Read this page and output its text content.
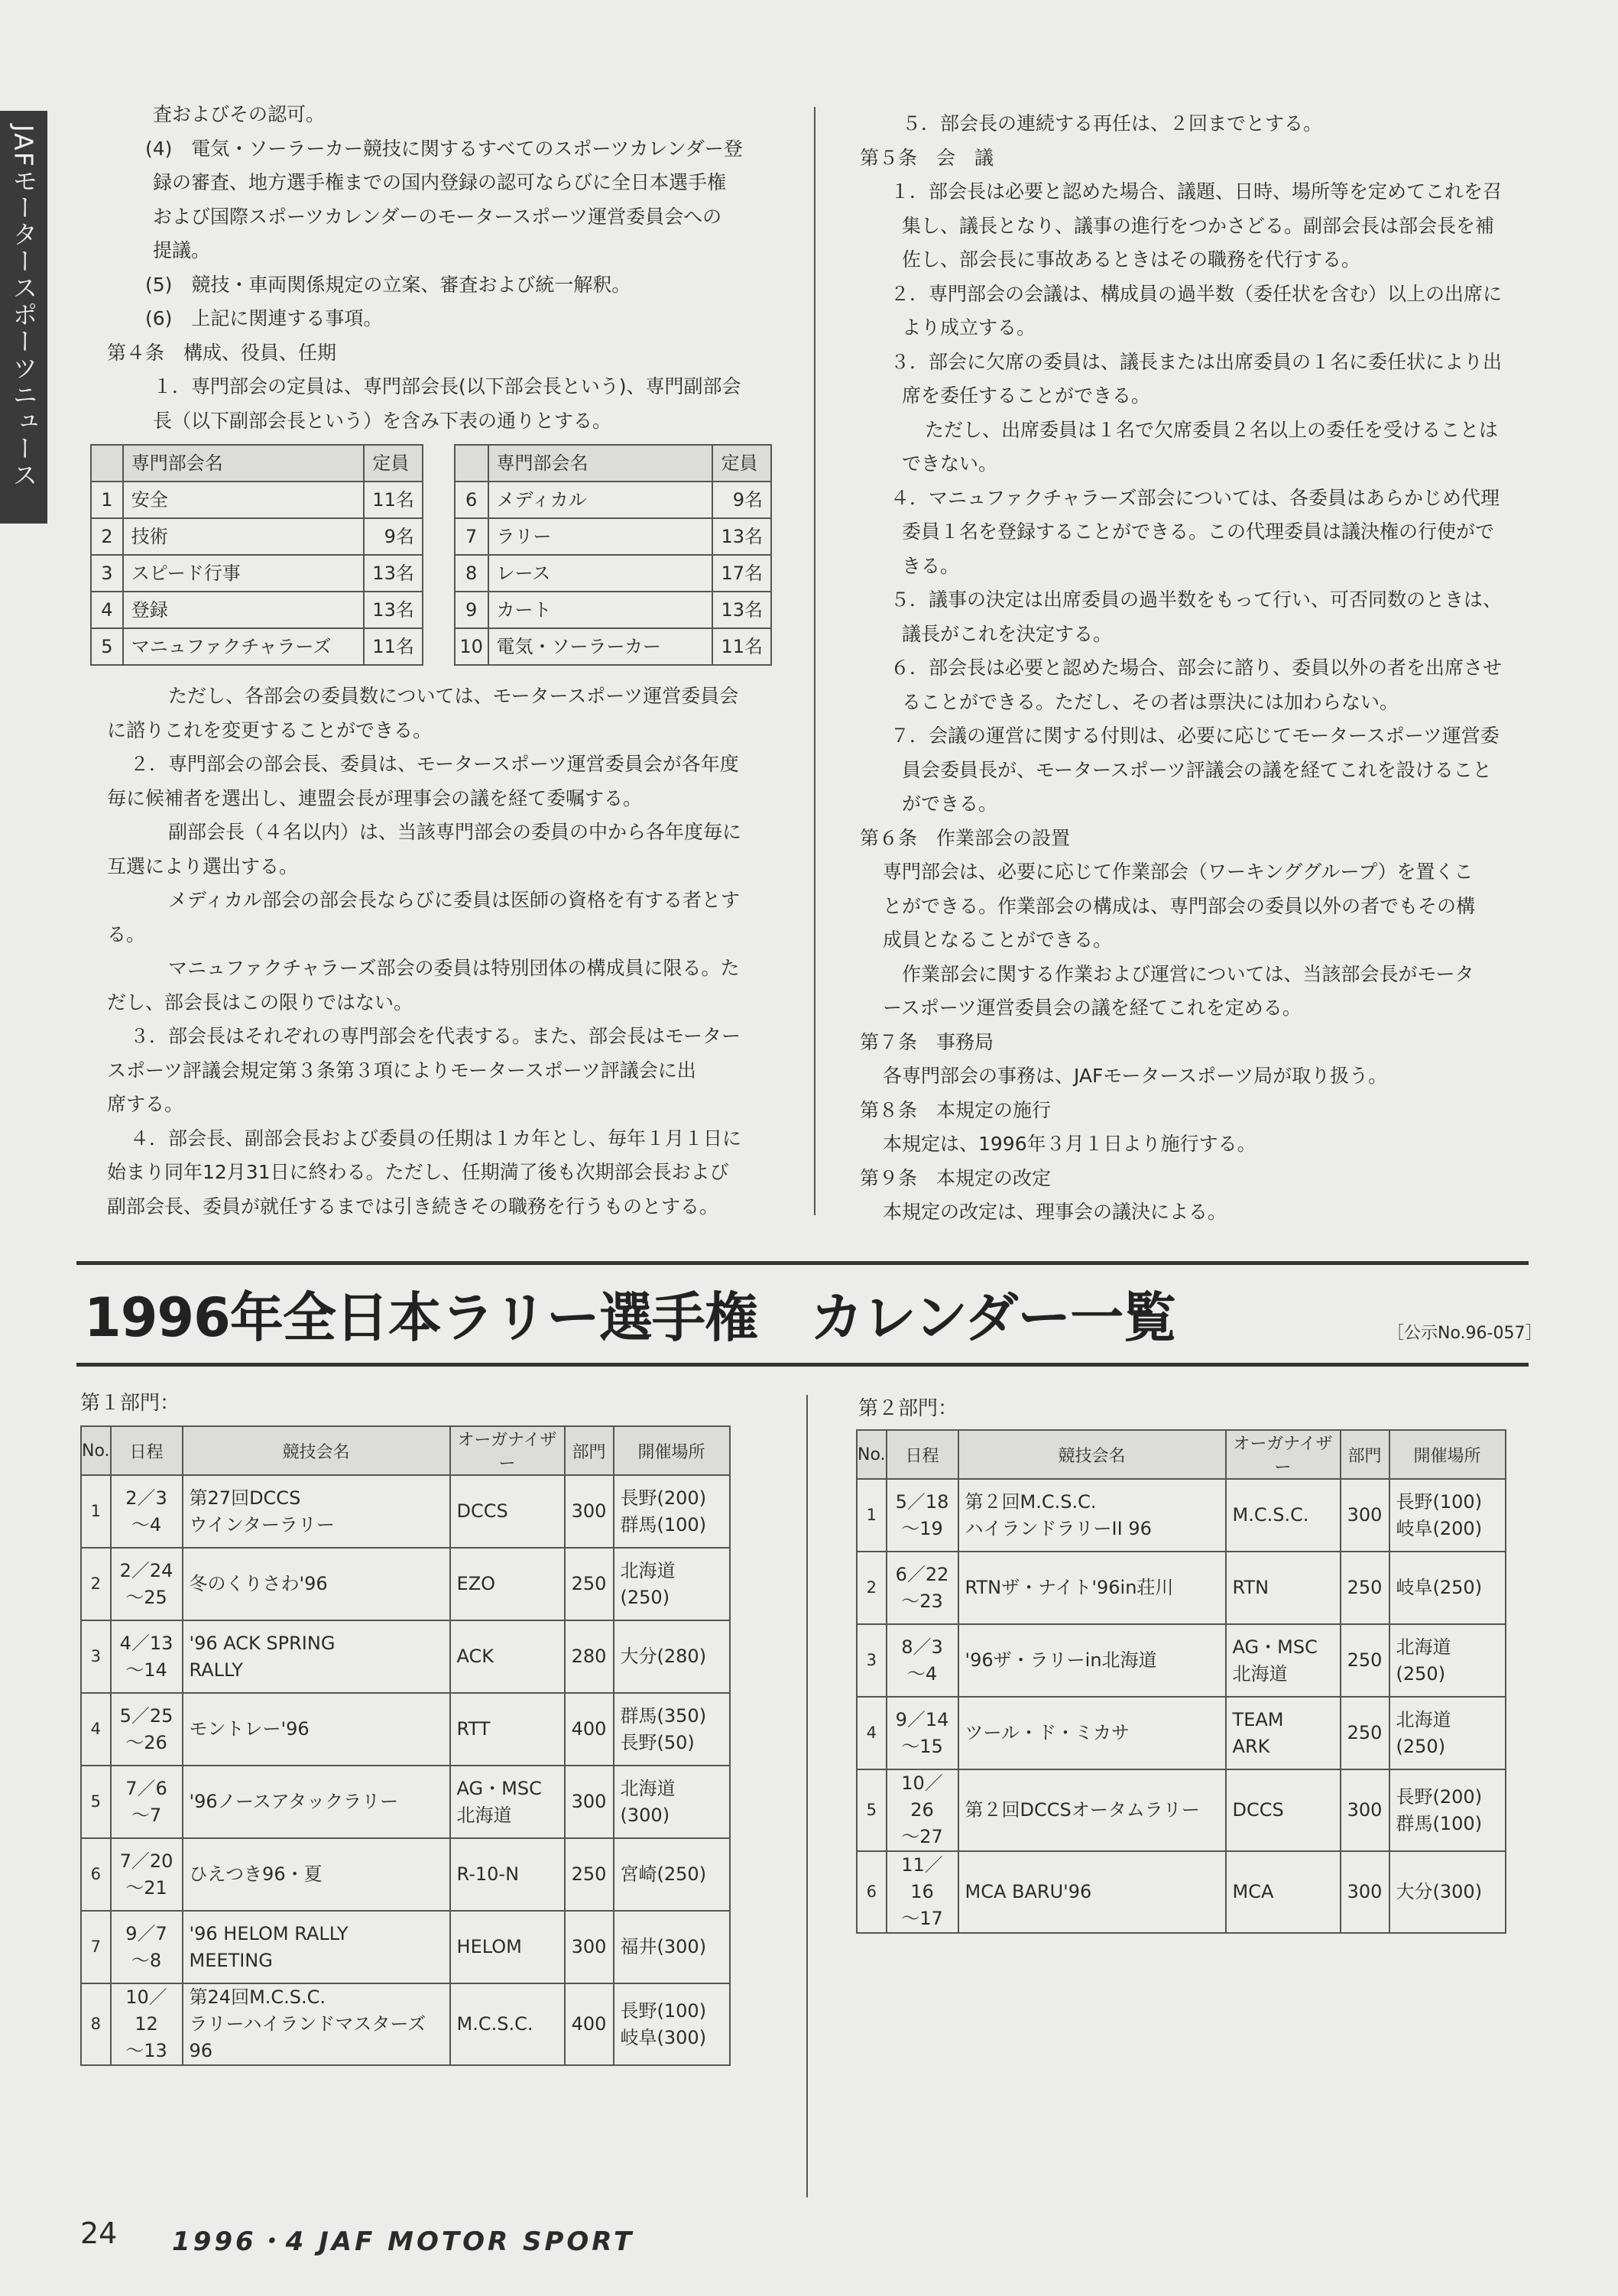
JAFモータースポーツニュース

査およびその認可。

(4)　電気・ソーラーカー競技に関するすべてのスポーツカレンダー登

録の審査、地方選手権までの国内登録の認可ならびに全日本選手権

および国際スポーツカレンダーのモータースポーツ運営委員会への

提議。

(5)　競技・車両関係規定の立案、審査および統一解釈。

(6)　上記に関連する事項。

第４条　構成、役員、任期

１．専門部会の定員は、専門部会長(以下部会長という)、専門副部会

長（以下副部会長という）を含み下表の通りとする。

	専門部会名	定員
1	安全	11名
2	技術	9名
3	スピード行事	13名
4	登録	13名
5	マニュファクチャラーズ	11名
	専門部会名	定員
6	メディカル	9名
7	ラリー	13名
8	レース	17名
9	カート	13名
10	電気・ソーラーカー	11名

ただし、各部会の委員数については、モータースポーツ運営委員会

に諮りこれを変更することができる。

２．専門部会の部会長、委員は、モータースポーツ運営委員会が各年度

毎に候補者を選出し、連盟会長が理事会の議を経て委嘱する。

副部会長（４名以内）は、当該専門部会の委員の中から各年度毎に

互選により選出する。

メディカル部会の部会長ならびに委員は医師の資格を有する者とす

る。

マニュファクチャラーズ部会の委員は特別団体の構成員に限る。た

だし、部会長はこの限りではない。

３．部会長はそれぞれの専門部会を代表する。また、部会長はモーター

スポーツ評議会規定第３条第３項によりモータースポーツ評議会に出

席する。

４．部会長、副部会長および委員の任期は１カ年とし、毎年１月１日に

始まり同年12月31日に終わる。ただし、任期満了後も次期部会長および

副部会長、委員が就任するまでは引き続きその職務を行うものとする。

５．部会長の連続する再任は、２回までとする。

第５条　会　議

１．部会長は必要と認めた場合、議題、日時、場所等を定めてこれを召

集し、議長となり、議事の進行をつかさどる。副部会長は部会長を補

佐し、部会長に事故あるときはその職務を代行する。

２．専門部会の会議は、構成員の過半数（委任状を含む）以上の出席に

より成立する。

３．部会に欠席の委員は、議長または出席委員の１名に委任状により出

席を委任することができる。

ただし、出席委員は１名で欠席委員２名以上の委任を受けることは

できない。

４．マニュファクチャラーズ部会については、各委員はあらかじめ代理

委員１名を登録することができる。この代理委員は議決権の行使がで

きる。

５．議事の決定は出席委員の過半数をもって行い、可否同数のときは、

議長がこれを決定する。

６．部会長は必要と認めた場合、部会に諮り、委員以外の者を出席させ

ることができる。ただし、その者は票決には加わらない。

７．会議の運営に関する付則は、必要に応じてモータースポーツ運営委

員会委員長が、モータースポーツ評議会の議を経てこれを設けること

ができる。

第６条　作業部会の設置

専門部会は、必要に応じて作業部会（ワーキンググループ）を置くこ

とができる。作業部会の構成は、専門部会の委員以外の者でもその構

成員となることができる。

作業部会に関する作業および運営については、当該部会長がモータ

ースポーツ運営委員会の議を経てこれを定める。

第７条　事務局

各専門部会の事務は、JAFモータースポーツ局が取り扱う。

第８条　本規定の施行

本規定は、1996年３月１日より施行する。

第９条　本規定の改定

本規定の改定は、理事会の議決による。

1996年全日本ラリー選手権　カレンダー一覧	［公示No.96-057］
第１部門：
No.	日程	競技会名	オーガナイザー	部門	開催場所
1	2／3
～4	第27回DCCS
ウインターラリー	DCCS	300	長野(200)
群馬(100)
2	2／24
～25	冬のくりさわ'96	EZO	250	北海道(250)
3	4／13
～14	'96 ACK SPRING
RALLY	ACK	280	大分(280)
4	5／25
～26	モントレー'96	RTT	400	群馬(350)
長野(50)
5	7／6
～7	'96ノースアタックラリー	AG・MSC
北海道	300	北海道(300)
6	7／20
～21	ひえつき96・夏	R-10-N	250	宮崎(250)
7	9／7
～8	'96 HELOM RALLY
MEETING	HELOM	300	福井(300)
8	10／12
～13	第24回M.C.S.C.
ラリーハイランドマスターズ96	M.C.S.C.	400	長野(100)
岐阜(300)
第２部門：
No.	日程	競技会名	オーガナイザー	部門	開催場所
1	5／18
～19	第２回M.C.S.C.
ハイランドラリーII 96	M.C.S.C.	300	長野(100)
岐阜(200)
2	6／22
～23	RTNザ・ナイト'96in荘川	RTN	250	岐阜(250)
3	8／3
～4	'96ザ・ラリーin北海道	AG・MSC
北海道	250	北海道(250)
4	9／14
～15	ツール・ド・ミカサ	TEAM
ARK	250	北海道(250)
5	10／26
～27	第２回DCCSオータムラリー	DCCS	300	長野(200)
群馬(100)
6	11／16
～17	MCA BARU'96	MCA	300	大分(300)
24 1996・4 JAF MOTOR SPORT
